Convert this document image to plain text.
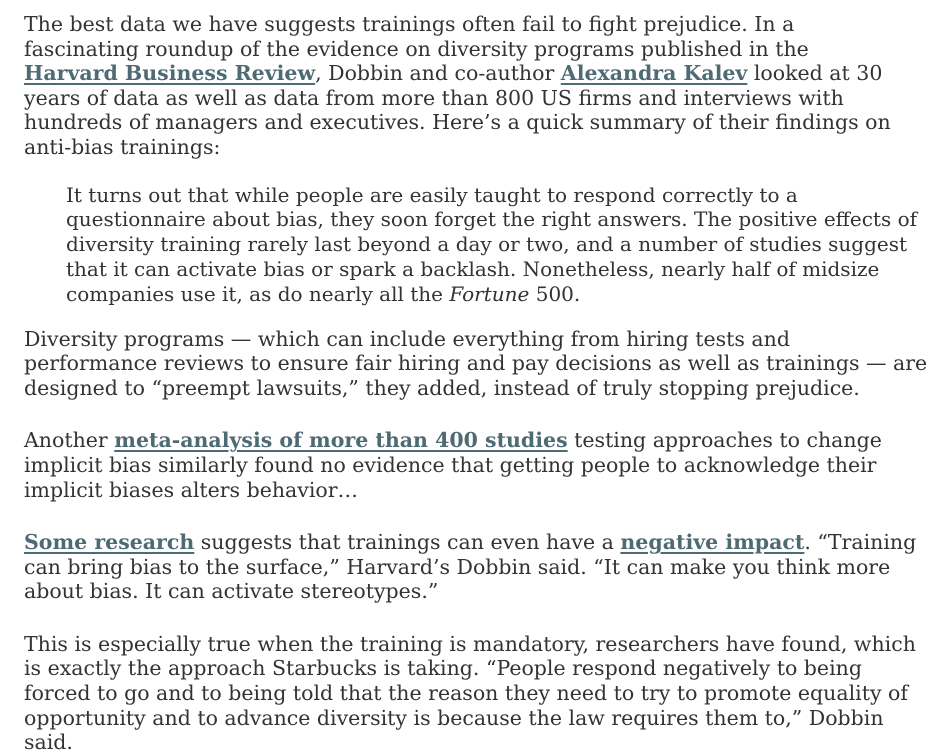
The best data we have suggests trainings often fail to fight prejudice. In a fascinating roundup of the evidence on diversity programs published in the Harvard Business Review, Dobbin and co-author Alexandra Kalev looked at 30 years of data as well as data from more than 800 US firms and interviews with hundreds of managers and executives. Here’s a quick summary of their findings on anti-bias trainings:

It turns out that while people are easily taught to respond correctly to a questionnaire about bias, they soon forget the right answers. The positive effects of diversity training rarely last beyond a day or two, and a number of studies suggest that it can activate bias or spark a backlash. Nonetheless, nearly half of midsize companies use it, as do nearly all the Fortune 500.

Diversity programs — which can include everything from hiring tests and performance reviews to ensure fair hiring and pay decisions as well as trainings — are designed to “preempt lawsuits,” they added, instead of truly stopping prejudice.

Another meta-analysis of more than 400 studies testing approaches to change implicit bias similarly found no evidence that getting people to acknowledge their implicit biases alters behavior…

Some research suggests that trainings can even have a negative impact. “Training can bring bias to the surface,” Harvard’s Dobbin said. “It can make you think more about bias. It can activate stereotypes.”

This is especially true when the training is mandatory, researchers have found, which is exactly the approach Starbucks is taking. “People respond negatively to being forced to go and to being told that the reason they need to try to promote equality of opportunity and to advance diversity is because the law requires them to,” Dobbin said.
